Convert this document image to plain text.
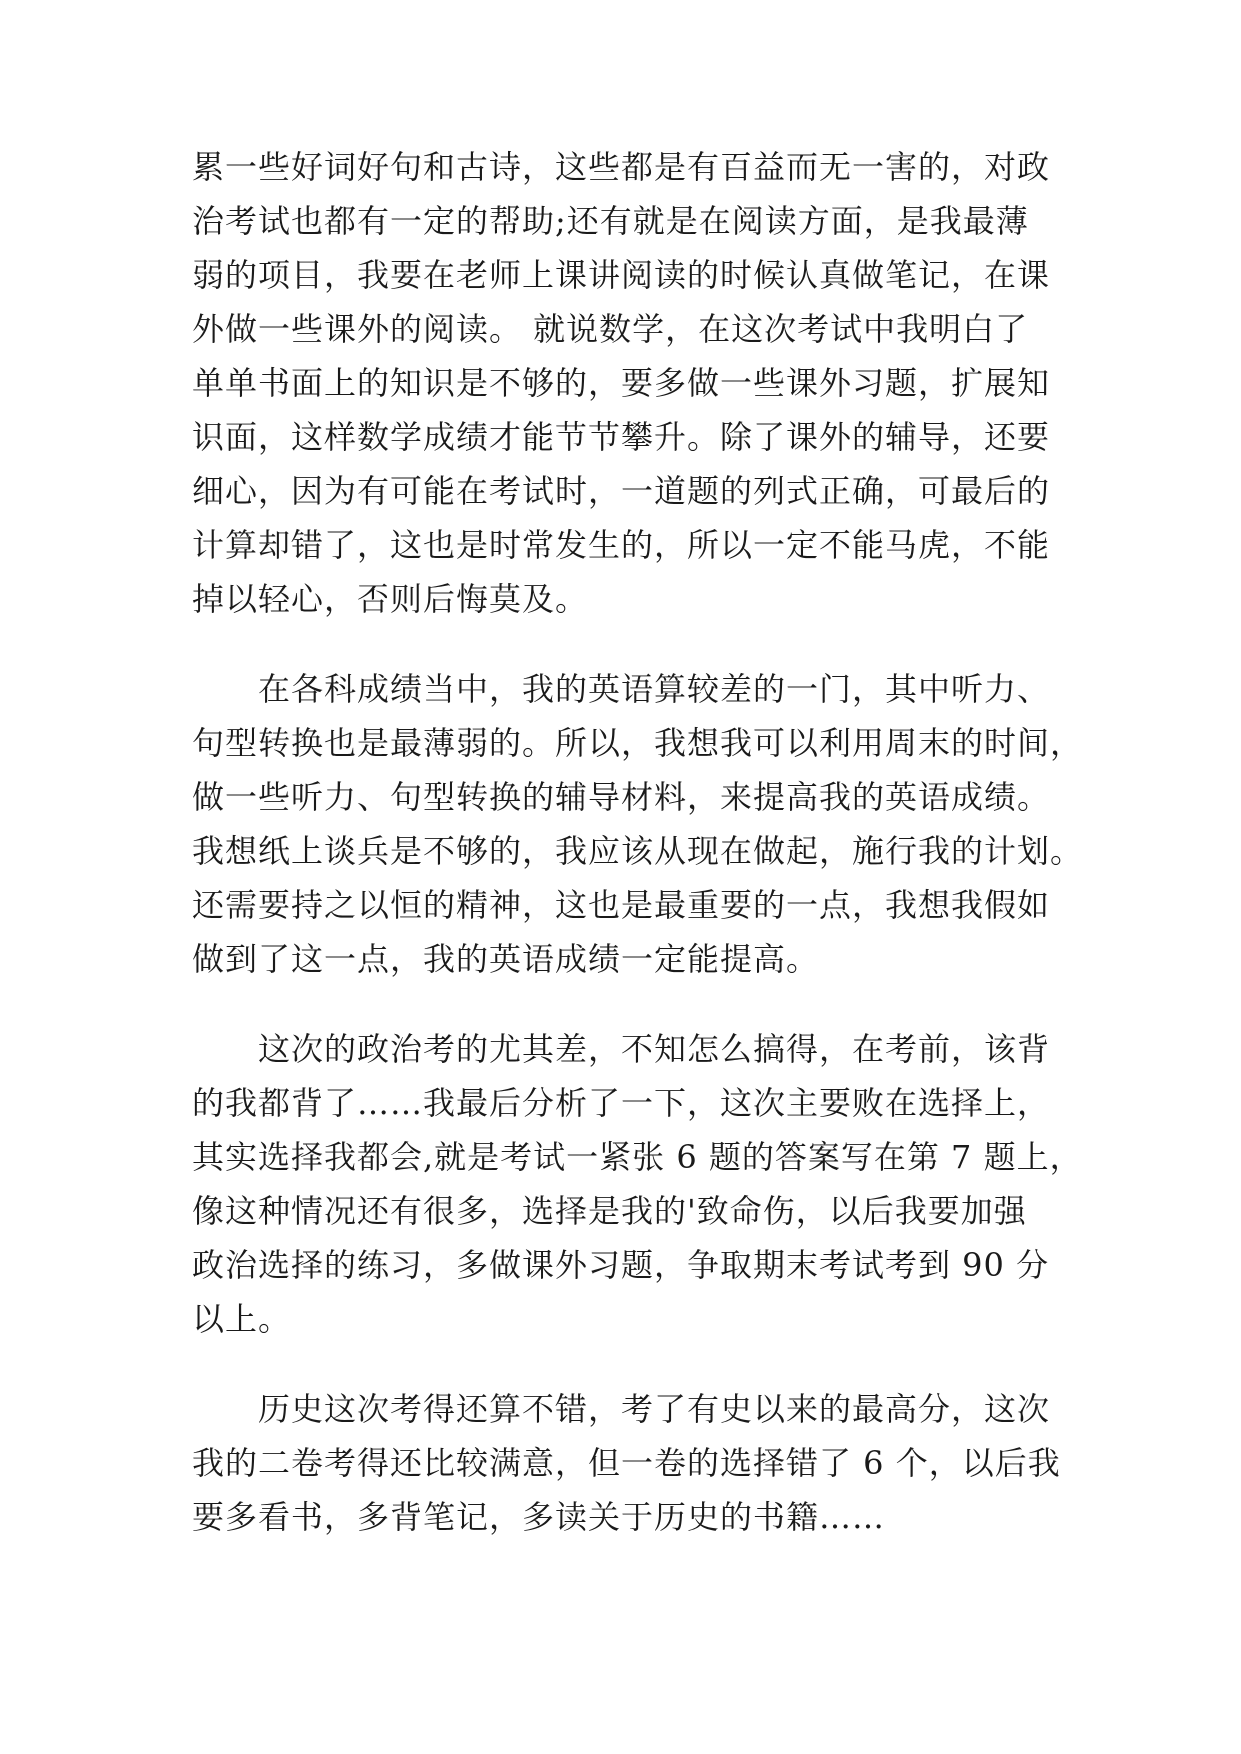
累一些好词好句和古诗，这些都是有百益而无一害的，对政
治考试也都有一定的帮助;还有就是在阅读方面，是我最薄
弱的项目，我要在老师上课讲阅读的时候认真做笔记，在课
外做一些课外的阅读。 就说数学，在这次考试中我明白了
单单书面上的知识是不够的，要多做一些课外习题，扩展知
识面，这样数学成绩才能节节攀升。除了课外的辅导，还要
细心，因为有可能在考试时，一道题的列式正确，可最后的
计算却错了，这也是时常发生的，所以一定不能马虎，不能
掉以轻心，否则后悔莫及。
在各科成绩当中，我的英语算较差的一门，其中听力、
句型转换也是最薄弱的。所以，我想我可以利用周末的时间，
做一些听力、句型转换的辅导材料，来提高我的英语成绩。
我想纸上谈兵是不够的，我应该从现在做起，施行我的计划。
还需要持之以恒的精神，这也是最重要的一点，我想我假如
做到了这一点，我的英语成绩一定能提高。
这次的政治考的尤其差，不知怎么搞得，在考前，该背
的我都背了……我最后分析了一下，这次主要败在选择上，
其实选择我都会,就是考试一紧张 6 题的答案写在第 7 题上，
像这种情况还有很多，选择是我的'致命伤，以后我要加强
政治选择的练习，多做课外习题，争取期末考试考到 90 分
以上。
历史这次考得还算不错，考了有史以来的最高分，这次
我的二卷考得还比较满意，但一卷的选择错了 6 个，以后我
要多看书，多背笔记，多读关于历史的书籍……
